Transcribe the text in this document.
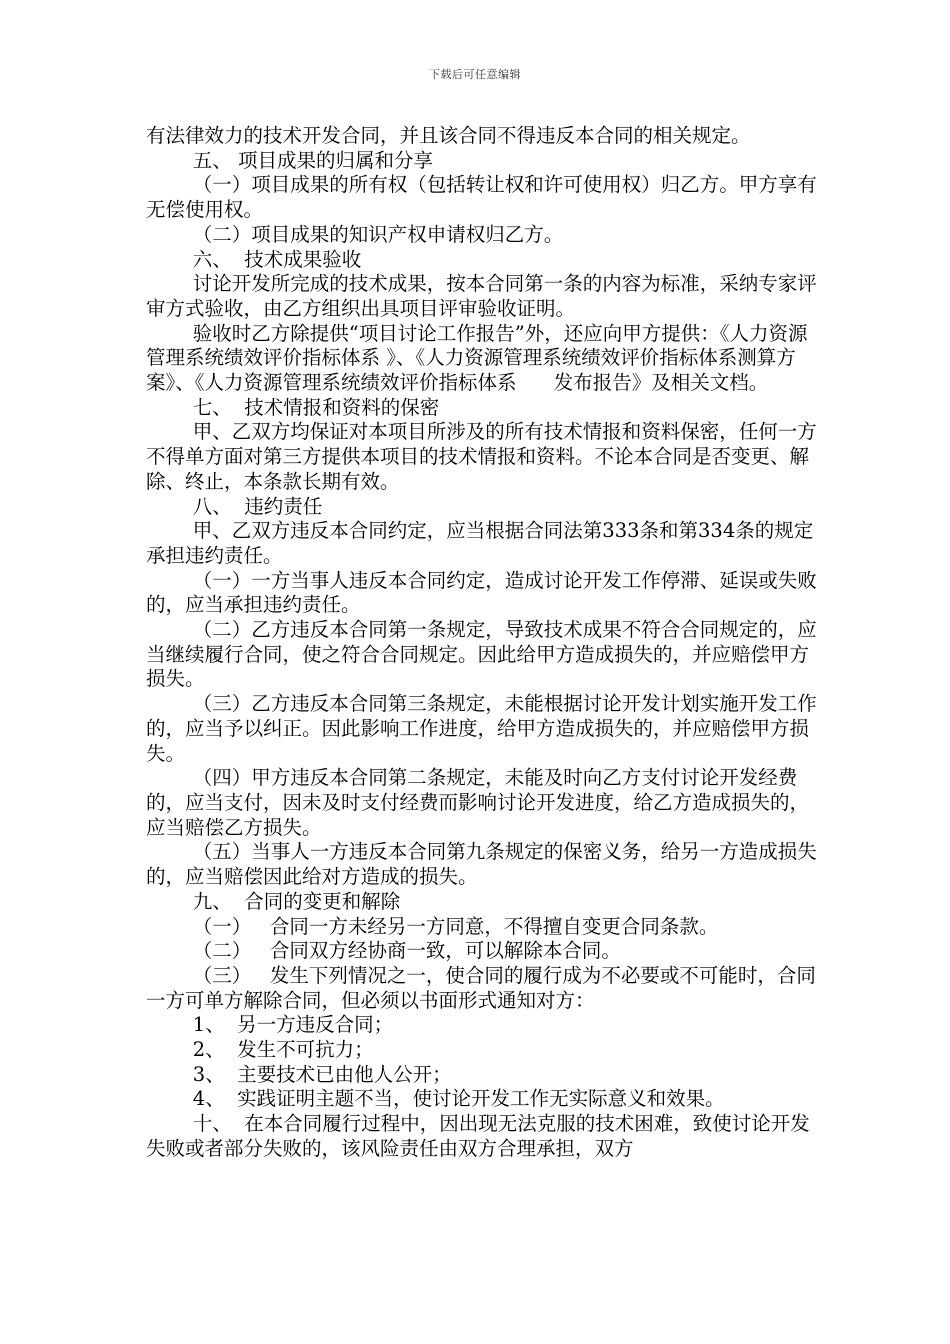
下载后可任意编辑

有法律效力的技术开发合同，并且该合同不得违反本合同的相关规定。

五、 项目成果的归属和分享

（一）项目成果的所有权（包括转让权和许可使用权）归乙方。甲方享有无偿使用权。

（二）项目成果的知识产权申请权归乙方。

六、  技术成果验收

讨论开发所完成的技术成果，按本合同第一条的内容为标准，采纳专家评审方式验收，由乙方组织出具项目评审验收证明。

验收时乙方除提供“项目讨论工作报告”外，还应向甲方提供：《人力资源管理系统绩效评价指标体系 》、《人力资源管理系统绩效评价指标体系测算方案》、《人力资源管理系统绩效评价指标体系      发布报告》及相关文档。

七、  技术情报和资料的保密

甲、乙双方均保证对本项目所涉及的所有技术情报和资料保密，任何一方不得单方面对第三方提供本项目的技术情报和资料。不论本合同是否变更、解除、终止，本条款长期有效。

八、  违约责任

甲、乙双方违反本合同约定，应当根据合同法第333条和第334条的规定承担违约责任。

（一）一方当事人违反本合同约定，造成讨论开发工作停滞、延误或失败的，应当承担违约责任。

（二）乙方违反本合同第一条规定，导致技术成果不符合合同规定的，应当继续履行合同，使之符合合同规定。因此给甲方造成损失的，并应赔偿甲方损失。

（三）乙方违反本合同第三条规定，未能根据讨论开发计划实施开发工作的，应当予以纠正。因此影响工作进度，给甲方造成损失的，并应赔偿甲方损失。

（四）甲方违反本合同第二条规定，未能及时向乙方支付讨论开发经费的，应当支付，因未及时支付经费而影响讨论开发进度，给乙方造成损失的，应当赔偿乙方损失。

（五）当事人一方违反本合同第九条规定的保密义务，给另一方造成损失的，应当赔偿因此给对方造成的损失。

九、  合同的变更和解除

（一）   合同一方未经另一方同意，不得擅自变更合同条款。

（二）   合同双方经协商一致，可以解除本合同。

（三）   发生下列情况之一，使合同的履行成为不必要或不可能时，合同一方可单方解除合同，但必须以书面形式通知对方：

1、  另一方违反合同；

2、  发生不可抗力；

3、  主要技术已由他人公开；

4、  实践证明主题不当，使讨论开发工作无实际意义和效果。

十、  在本合同履行过程中，因出现无法克服的技术困难，致使讨论开发失败或者部分失败的，该风险责任由双方合理承担，双方
